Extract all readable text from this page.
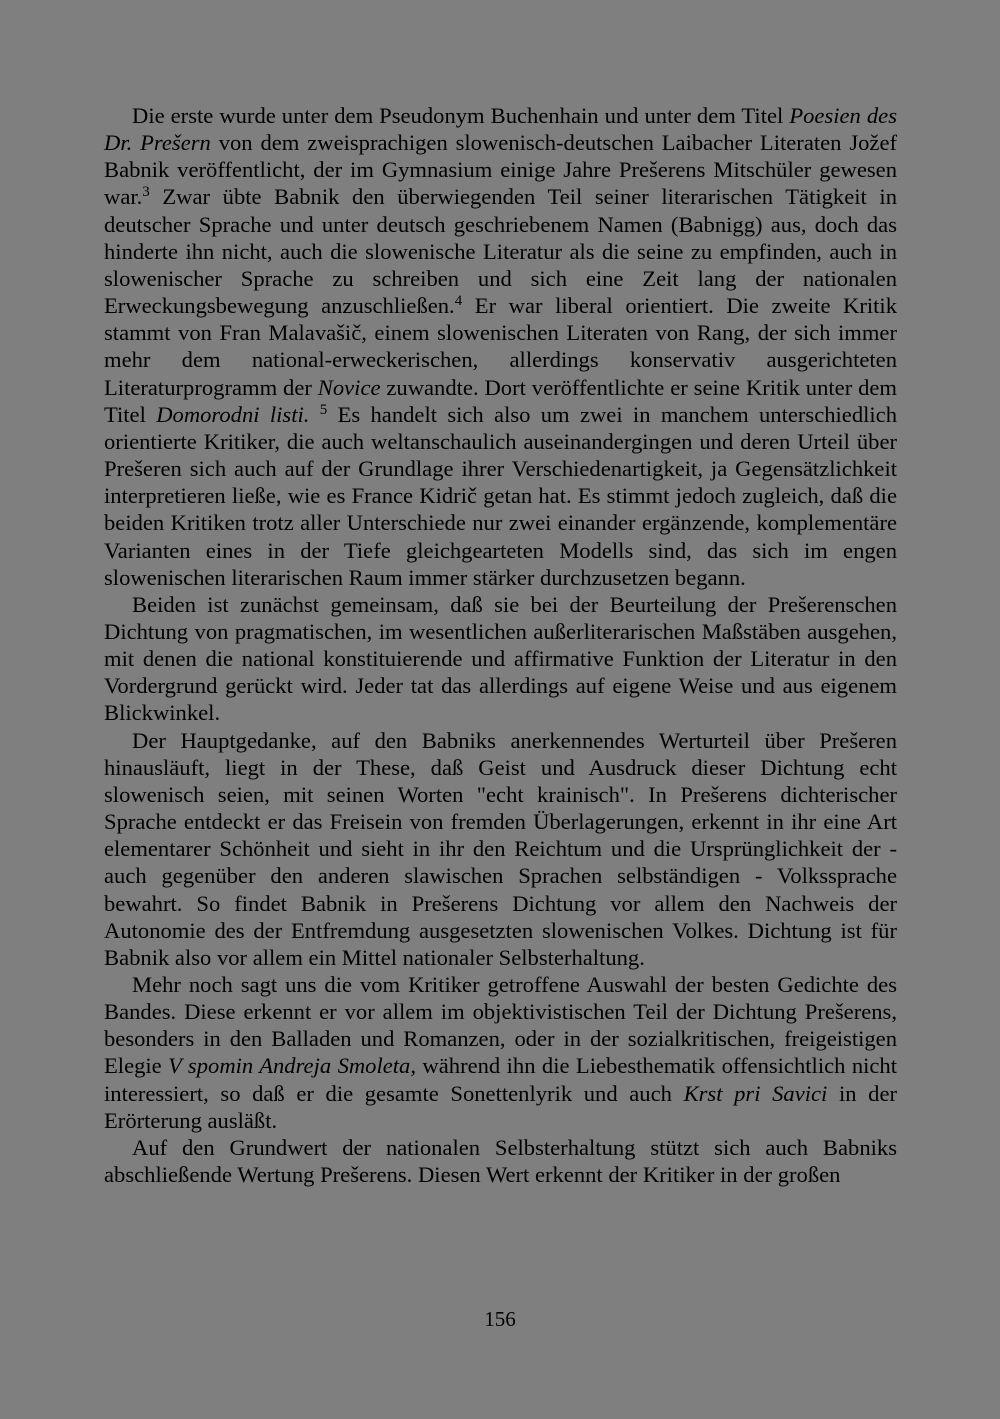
Die erste wurde unter dem Pseudonym Buchenhain und unter dem Titel Poesien des Dr. Prešern von dem zweisprachigen slowenisch-deutschen Laibacher Literaten Jožef Babnik veröffentlicht, der im Gymnasium einige Jahre Prešerens Mitschüler gewesen war.$^3$ Zwar übte Babnik den überwiegenden Teil seiner literarischen Tätigkeit in deutscher Sprache und unter deutsch geschriebenem Namen (Babnigg) aus, doch das hinderte ihn nicht, auch die slowenische Literatur als die seine zu empfinden, auch in slowenischer Sprache zu schreiben und sich eine Zeit lang der nationalen Erweckungsbewegung anzuschließen.$^4$ Er war liberal orientiert. Die zweite Kritik stammt von Fran Malavašič, einem slowenischen Literaten von Rang, der sich immer mehr dem national-erweckerischen, allerdings konservativ ausgerichteten Literaturprogramm der Novice zuwandte. Dort veröffentlichte er seine Kritik unter dem Titel Domorodni listi. $^5$ Es handelt sich also um zwei in manchem unterschiedlich orientierte Kritiker, die auch weltanschaulich auseinandergingen und deren Urteil über Prešeren sich auch auf der Grundlage ihrer Verschiedenartigkeit, ja Gegensätzlichkeit interpretieren ließe, wie es France Kidrič getan hat. Es stimmt jedoch zugleich, daß die beiden Kritiken trotz aller Unterschiede nur zwei einander ergänzende, komplementäre Varianten eines in der Tiefe gleichgearteten Modells sind, das sich im engen slowenischen literarischen Raum immer stärker durchzusetzen begann.

Beiden ist zunächst gemeinsam, daß sie bei der Beurteilung der Prešerenschen Dichtung von pragmatischen, im wesentlichen außerliterarischen Maßstäben ausgehen, mit denen die national konstituierende und affirmative Funktion der Literatur in den Vordergrund gerückt wird. Jeder tat das allerdings auf eigene Weise und aus eigenem Blickwinkel.

Der Hauptgedanke, auf den Babniks anerkennendes Werturteil über Prešeren hinausläuft, liegt in der These, daß Geist und Ausdruck dieser Dichtung echt slowenisch seien, mit seinen Worten "echt krainisch". In Prešerens dichterischer Sprache entdeckt er das Freisein von fremden Überlagerungen, erkennt in ihr eine Art elementarer Schönheit und sieht in ihr den Reichtum und die Ursprünglichkeit der - auch gegenüber den anderen slawischen Sprachen selbständigen - Volkssprache bewahrt. So findet Babnik in Prešerens Dichtung vor allem den Nachweis der Autonomie des der Entfremdung ausgesetzten slowenischen Volkes. Dichtung ist für Babnik also vor allem ein Mittel nationaler Selbsterhaltung.

Mehr noch sagt uns die vom Kritiker getroffene Auswahl der besten Gedichte des Bandes. Diese erkennt er vor allem im objektivistischen Teil der Dichtung Prešerens, besonders in den Balladen und Romanzen, oder in der sozialkritischen, freigeistigen Elegie V spomin Andreja Smoleta, während ihn die Liebesthematik offensichtlich nicht interessiert, so daß er die gesamte Sonettenlyrik und auch Krst pri Savici in der Erörterung ausläßt.

Auf den Grundwert der nationalen Selbsterhaltung stützt sich auch Babniks abschließende Wertung Prešerens. Diesen Wert erkennt der Kritiker in der großen

156
